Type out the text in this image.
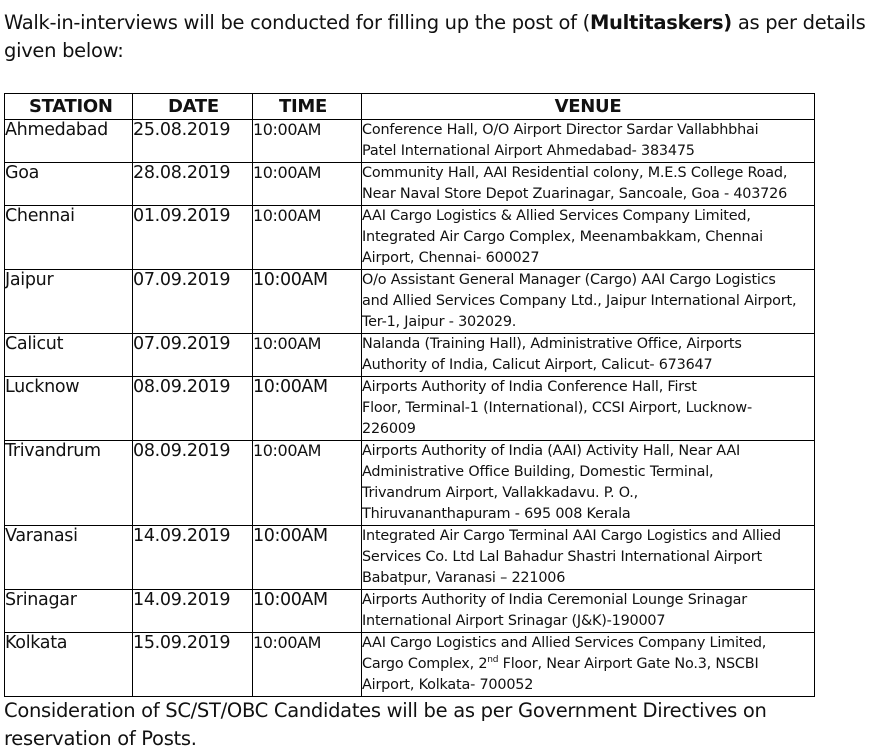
Walk-in-interviews will be conducted for filling up the post of (Multitaskers) as per details given below:
STATION	DATE	TIME	VENUE
Ahmedabad	25.08.2019	10:00AM	Conference Hall, O/O Airport Director Sardar Vallabhbhai
Patel International Airport Ahmedabad- 383475

Goa	28.08.2019	10:00AM	Community Hall, AAI Residential colony, M.E.S College Road,
Near Naval Store Depot Zuarinagar, Sancoale, Goa - 403726

Chennai	01.09.2019	10:00AM	AAI Cargo Logistics & Allied Services Company Limited,
Integrated Air Cargo Complex, Meenambakkam, Chennai
Airport, Chennai- 600027

Jaipur	07.09.2019	10:00AM	O/o Assistant General Manager (Cargo) AAI Cargo Logistics
and Allied Services Company Ltd., Jaipur International Airport,
Ter-1, Jaipur - 302029.

Calicut	07.09.2019	10:00AM	Nalanda (Training Hall), Administrative Office, Airports
Authority of India, Calicut Airport, Calicut- 673647

Lucknow	08.09.2019	10:00AM	Airports Authority of India Conference Hall, First
Floor, Terminal-1 (International), CCSI Airport, Lucknow-
226009

Trivandrum	08.09.2019	10:00AM	Airports Authority of India (AAI) Activity Hall, Near AAI
Administrative Office Building, Domestic Terminal,
Trivandrum Airport, Vallakkadavu. P. O.,
Thiruvananthapuram - 695 008 Kerala

Varanasi	14.09.2019	10:00AM	Integrated Air Cargo Terminal AAI Cargo Logistics and Allied
Services Co. Ltd Lal Bahadur Shastri International Airport
Babatpur, Varanasi – 221006

Srinagar	14.09.2019	10:00AM	Airports Authority of India Ceremonial Lounge Srinagar
International Airport Srinagar (J&K)-190007

Kolkata	15.09.2019	10:00AM	AAI Cargo Logistics and Allied Services Company Limited,
Cargo Complex, 2nd Floor, Near Airport Gate No.3, NSCBI
Airport, Kolkata- 700052
Consideration of SC/ST/OBC Candidates will be as per Government Directives on reservation of Posts.
